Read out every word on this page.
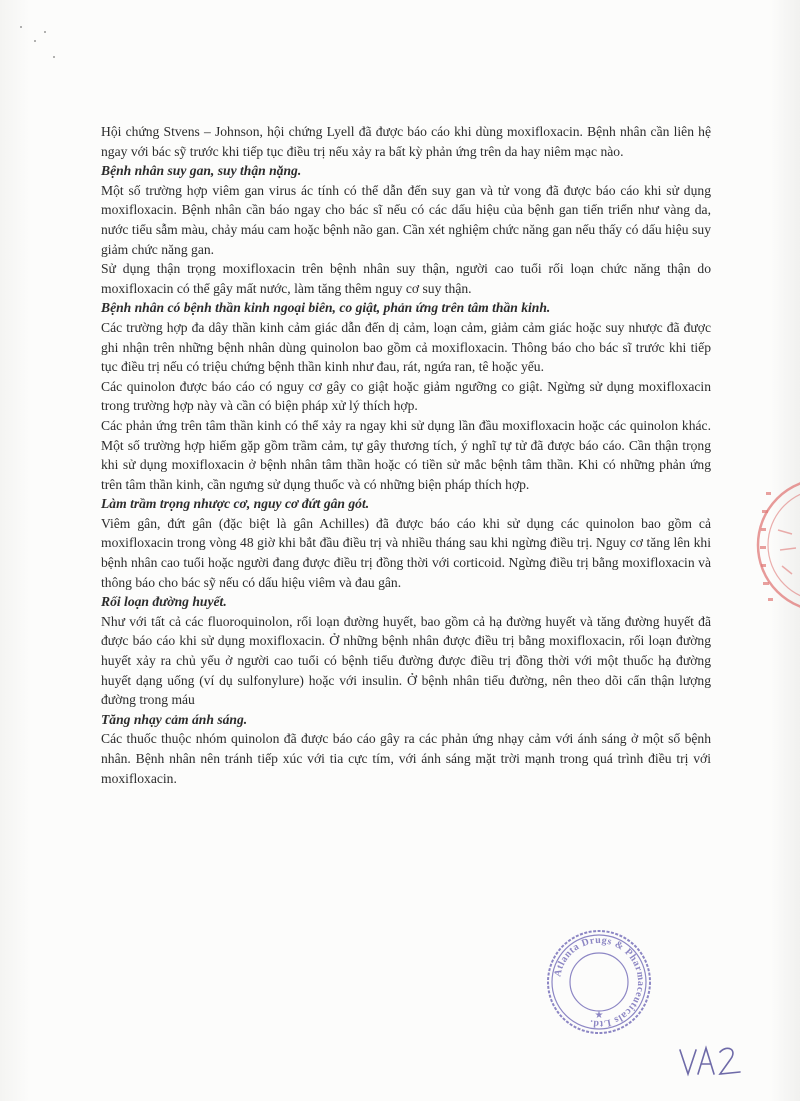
Hội chứng Stvens – Johnson, hội chứng Lyell đã được báo cáo khi dùng moxifloxacin. Bệnh nhân cần liên hệ ngay với bác sỹ trước khi tiếp tục điều trị nếu xảy ra bất kỳ phản ứng trên da hay niêm mạc nào.

Bệnh nhân suy gan, suy thận nặng.

Một số trường hợp viêm gan virus ác tính có thể dẫn đến suy gan và tử vong đã được báo cáo khi sử dụng moxifloxacin. Bệnh nhân cần báo ngay cho bác sĩ nếu có các dấu hiệu của bệnh gan tiến triển như vàng da, nước tiểu sẫm màu, chảy máu cam hoặc bệnh não gan. Cần xét nghiệm chức năng gan nếu thấy có dấu hiệu suy giảm chức năng gan.

Sử dụng thận trọng moxifloxacin trên bệnh nhân suy thận, người cao tuổi rối loạn chức năng thận do moxifloxacin có thể gây mất nước, làm tăng thêm nguy cơ suy thận.

Bệnh nhân có bệnh thần kinh ngoại biên, co giật, phản ứng trên tâm thần kinh.

Các trường hợp đa dây thần kinh cảm giác dẫn đến dị cảm, loạn cảm, giảm cảm giác hoặc suy nhược đã được ghi nhận trên những bệnh nhân dùng quinolon bao gồm cả moxifloxacin. Thông báo cho bác sĩ trước khi tiếp tục điều trị nếu có triệu chứng bệnh thần kinh như đau, rát, ngứa ran, tê hoặc yếu.

Các quinolon được báo cáo có nguy cơ gây co giật hoặc giảm ngưỡng co giật. Ngừng sử dụng moxifloxacin trong trường hợp này và cần có biện pháp xử lý thích hợp.

Các phản ứng trên tâm thần kinh có thể xảy ra ngay khi sử dụng lần đầu moxifloxacin hoặc các quinolon khác. Một số trường hợp hiếm gặp gồm trầm cảm, tự gây thương tích, ý nghĩ tự tử đã được báo cáo. Cần thận trọng khi sử dụng moxifloxacin ở bệnh nhân tâm thần hoặc có tiền sử mắc bệnh tâm thần. Khi có những phản ứng trên tâm thần kinh, cần ngưng sử dụng thuốc và có những biện pháp thích hợp.

Làm trầm trọng nhược cơ, nguy cơ đứt gân gót.

Viêm gân, đứt gân (đặc biệt là gân Achilles) đã được báo cáo khi sử dụng các quinolon bao gồm cả moxifloxacin trong vòng 48 giờ khi bắt đầu điều trị và nhiều tháng sau khi ngừng điều trị. Nguy cơ tăng lên khi bệnh nhân cao tuổi hoặc người đang được điều trị đồng thời với corticoid. Ngừng điều trị bằng moxifloxacin và thông báo cho bác sỹ nếu có dấu hiệu viêm và đau gân.

Rối loạn đường huyết.

Như với tất cả các fluoroquinolon, rối loạn đường huyết, bao gồm cả hạ đường huyết và tăng đường huyết đã được báo cáo khi sử dụng moxifloxacin. Ở những bệnh nhân được điều trị bằng moxifloxacin, rối loạn đường huyết xảy ra chủ yếu ở người cao tuổi có bệnh tiểu đường được điều trị đồng thời với một thuốc hạ đường huyết dạng uống (ví dụ sulfonylure) hoặc với insulin. Ở bệnh nhân tiểu đường, nên theo dõi cẩn thận lượng đường trong máu

Tăng nhạy cảm ánh sáng.

Các thuốc thuộc nhóm quinolon đã được báo cáo gây ra các phản ứng nhạy cảm với ánh sáng ở một số bệnh nhân. Bệnh nhân nên tránh tiếp xúc với tia cực tím, với ánh sáng mặt trời mạnh trong quá trình điều trị với moxifloxacin.

Atlanta Drugs & Pharmaceuticals Ltd.
★
